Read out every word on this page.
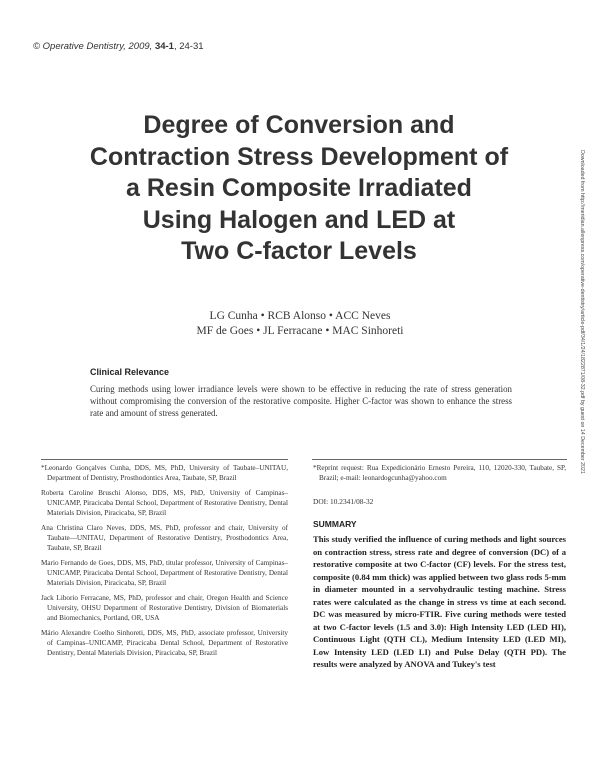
© Operative Dentistry, 2009, 34-1, 24-31
Degree of Conversion and
Contraction Stress Development of
a Resin Composite Irradiated
Using Halogen and LED at
Two C-factor Levels
LG Cunha • RCB Alonso • ACC Neves
MF de Goes • JL Ferracane • MAC Sinhoreti
Clinical Relevance
Curing methods using lower irradiance levels were shown to be effective in reducing the rate of stress generation without compromising the conversion of the restorative composite. Higher C-factor was shown to enhance the stress rate and amount of stress generated.

*Leonardo Gonçalves Cunha, DDS, MS, PhD, University of Taubate–UNITAU, Department of Dentistry, Prosthodontics Area, Taubate, SP, Brazil

Roberta Caroline Bruschi Alonso, DDS, MS, PhD, University of Campinas–UNICAMP, Piracicaba Dental School, Department of Restorative Dentistry, Dental Materials Division, Piracicaba, SP, Brazil

Ana Christina Claro Neves, DDS, MS, PhD, professor and chair, University of Taubate—UNITAU, Department of Restorative Dentistry, Prosthodontics Area, Taubate, SP, Brazil

Mario Fernando de Goes, DDS, MS, PhD, titular professor, University of Campinas–UNICAMP, Piracicaba Dental School, Department of Restorative Dentistry, Dental Materials Division, Piracicaba, SP, Brazil

Jack Liborio Ferracane, MS, PhD, professor and chair, Oregon Health and Science University, OHSU Department of Restorative Dentistry, Division of Biomaterials and Biomechanics, Portland, OR, USA

Mário Alexandre Coelho Sinhoreti, DDS, MS, PhD, associate professor, University of Campinas–UNICAMP, Piracicaba Dental School, Department of Restorative Dentistry, Dental Materials Division, Piracicaba, SP, Brazil

*Reprint request: Rua Expedicionário Ernesto Pereira, 110, 12020-330, Taubate, SP, Brazil; e-mail: leonardogcunha@yahoo.com
DOI: 10.2341/08-32
SUMMARY
This study verified the influence of curing methods and light sources on contraction stress, stress rate and degree of conversion (DC) of a restorative composite at two C-factor (CF) levels. For the stress test, composite (0.84 mm thick) was applied between two glass rods 5-mm in diameter mounted in a servohydraulic testing machine. Stress rates were calculated as the change in stress vs time at each second. DC was measured by micro-FTIR. Five curing methods were tested at two C-factor levels (1.5 and 3.0): High Intensity LED (LED HI), Continuous Light (QTH CL), Medium Intensity LED (LED MI), Low Intensity LED (LED LI) and Pulse Delay (QTH PD). The results were analyzed by ANOVA and Tukey's test
Downloaded from http://meridian.allenpress.com/operative-dentistry/article-pdf/34/1/24/1822871/08-32.pdf by guest on 14 December 2021
